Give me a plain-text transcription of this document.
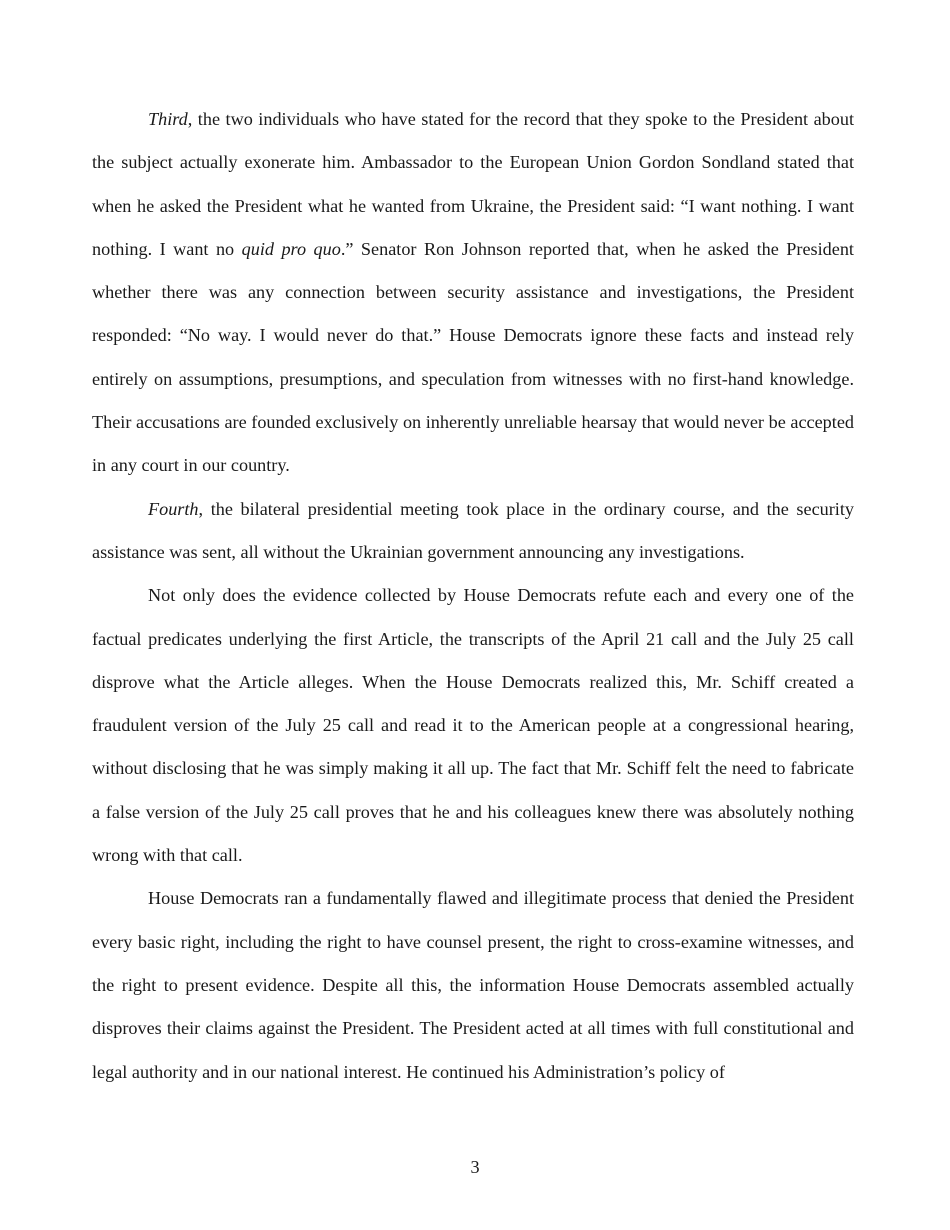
Third, the two individuals who have stated for the record that they spoke to the President about the subject actually exonerate him. Ambassador to the European Union Gordon Sondland stated that when he asked the President what he wanted from Ukraine, the President said: “I want nothing. I want nothing. I want no quid pro quo.” Senator Ron Johnson reported that, when he asked the President whether there was any connection between security assistance and investigations, the President responded: “No way. I would never do that.” House Democrats ignore these facts and instead rely entirely on assumptions, presumptions, and speculation from witnesses with no first-hand knowledge. Their accusations are founded exclusively on inherently unreliable hearsay that would never be accepted in any court in our country.

Fourth, the bilateral presidential meeting took place in the ordinary course, and the security assistance was sent, all without the Ukrainian government announcing any investigations.

Not only does the evidence collected by House Democrats refute each and every one of the factual predicates underlying the first Article, the transcripts of the April 21 call and the July 25 call disprove what the Article alleges. When the House Democrats realized this, Mr. Schiff created a fraudulent version of the July 25 call and read it to the American people at a congressional hearing, without disclosing that he was simply making it all up. The fact that Mr. Schiff felt the need to fabricate a false version of the July 25 call proves that he and his colleagues knew there was absolutely nothing wrong with that call.

House Democrats ran a fundamentally flawed and illegitimate process that denied the President every basic right, including the right to have counsel present, the right to cross-examine witnesses, and the right to present evidence. Despite all this, the information House Democrats assembled actually disproves their claims against the President. The President acted at all times with full constitutional and legal authority and in our national interest. He continued his Administration’s policy of

3
